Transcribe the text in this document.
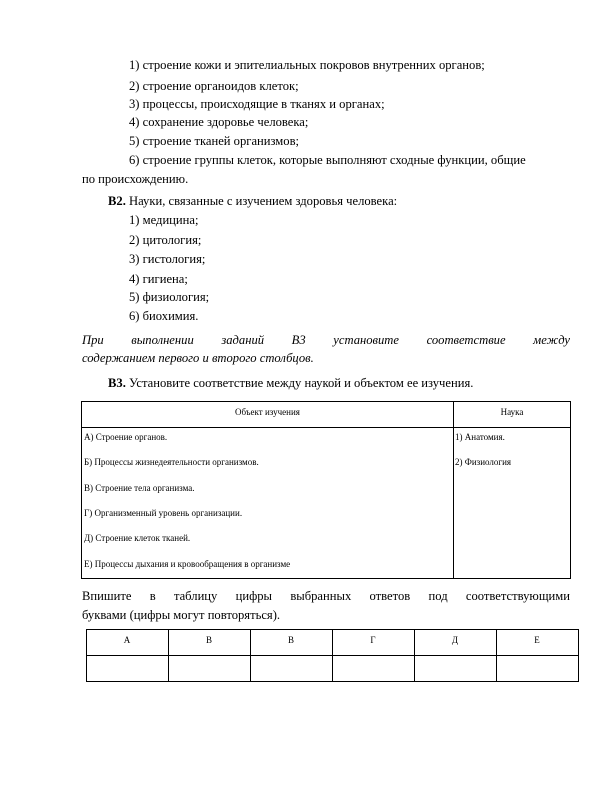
1) строение кожи и эпителиальных покровов внутренних органов;
2) строение органоидов клеток;
3) процессы, происходящие в тканях и органах;
4) сохранение здоровье человека;
5) строение тканей организмов;
6) строение группы клеток, которые выполняют сходные функции, общие
по происхождению.
В2. Науки, связанные с изучением здоровья человека:
1) медицина;
2) цитология;
3) гистология;
4) гигиена;
5) физиология;
6) биохимия.
При выполнении заданий В3 установите соответствие между
содержанием первого и второго столбцов.
В3. Установите соответствие между наукой и объектом ее изучения.
Объект изучения	Наука
А) Строение органов.
Б) Процессы жизнедеятельности организмов.
В) Строение тела организма.
Г) Организменный уровень организации.
Д) Строение клеток тканей.
Е) Процессы дыхания и кровообращения в организме
1) Анатомия.
2) Физиология
Впишите в таблицу цифры выбранных ответов под соответствующими
буквами (цифры могут повторяться).
А	В	В	Г	Д	Е
